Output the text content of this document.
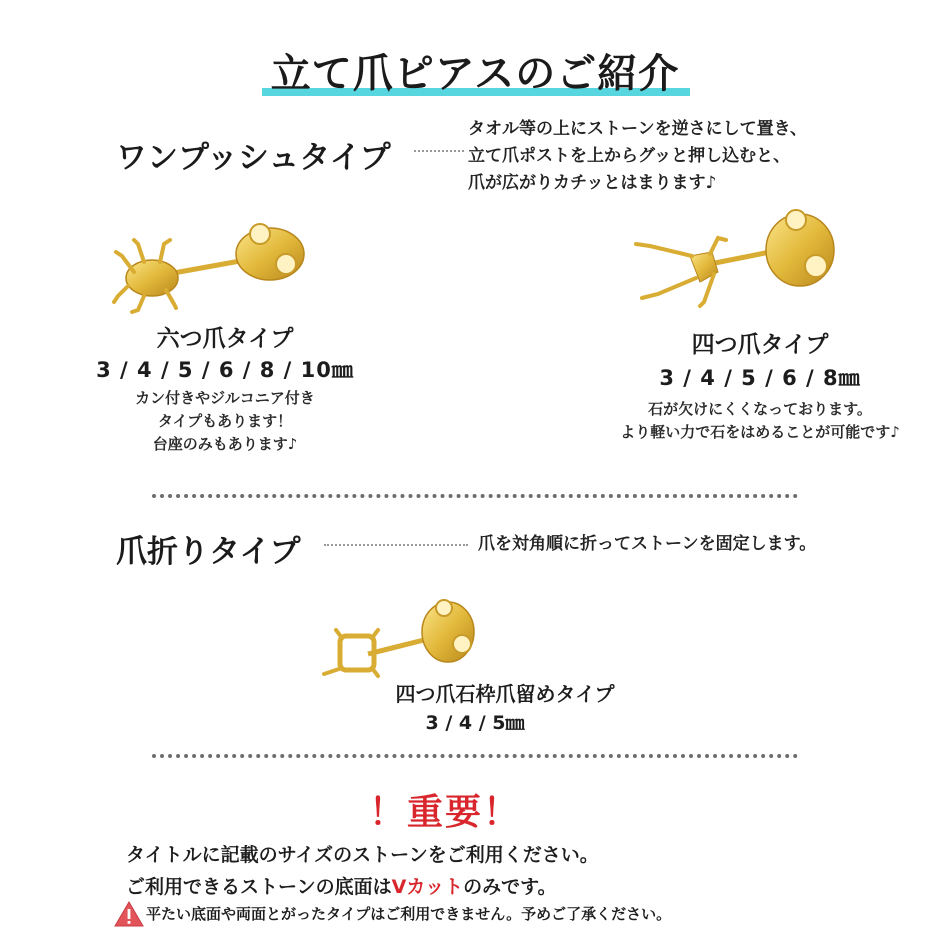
立て爪ピアスのご紹介
ワンプッシュタイプ
タオル等の上にストーンを逆さにして置き、
立て爪ポストを上からグッと押し込むと、
爪が広がりカチッとはまります♪
六つ爪タイプ
3 / 4 / 5 / 6 / 8 / 10㎜
カン付きやジルコニア付き
タイプもあります！
台座のみもあります♪
四つ爪タイプ
3 / 4 / 5 / 6 / 8㎜
石が欠けにくくなっております。
より軽い力で石をはめることが可能です♪
爪折りタイプ	爪を対角順に折ってストーンを固定します。
四つ爪石枠爪留めタイプ
3 / 4 / 5㎜
！重要！
タイトルに記載のサイズのストーンをご利用ください。
ご利用できるストーンの底面はVカットのみです。
平たい底面や両面とがったタイプはご利用できません。予めご了承ください。
